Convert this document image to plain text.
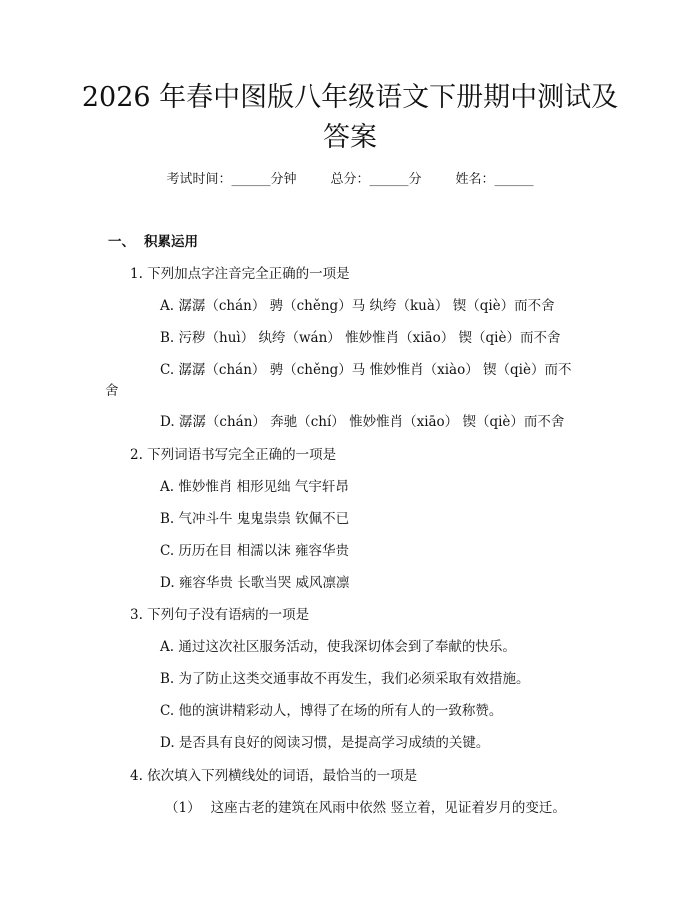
2026 年春中图版八年级语文下册期中测试及
答案
考试时间：______分钟	总分：______分	姓名：______
一、 积累运用
1. 下列加点字注音完全正确的一项是
A. 潺潺（chán） 骋（chěng）马 纨绔（kuà） 锲（qiè）而不舍
B. 污秽（huì） 纨绔（wán） 惟妙惟肖（xiāo） 锲（qiè）而不舍
C. 潺潺（chán） 骋（chěng）马 惟妙惟肖（xiào） 锲（qiè）而不
舍
D. 潺潺（chán） 奔驰（chí） 惟妙惟肖（xiāo） 锲（qiè）而不舍
2. 下列词语书写完全正确的一项是
A. 惟妙惟肖 相形见绌 气宇轩昂
B. 气冲斗牛 鬼鬼祟祟 钦佩不已
C. 历历在目 相濡以沫 雍容华贵
D. 雍容华贵 长歌当哭 威风凛凛
3. 下列句子没有语病的一项是
A. 通过这次社区服务活动，使我深切体会到了奉献的快乐。
B. 为了防止这类交通事故不再发生，我们必须采取有效措施。
C. 他的演讲精彩动人，博得了在场的所有人的一致称赞。
D. 是否具有良好的阅读习惯，是提高学习成绩的关键。
4. 依次填入下列横线处的词语，最恰当的一项是
（1） 这座古老的建筑在风雨中依然 竖立着，见证着岁月的变迁。
